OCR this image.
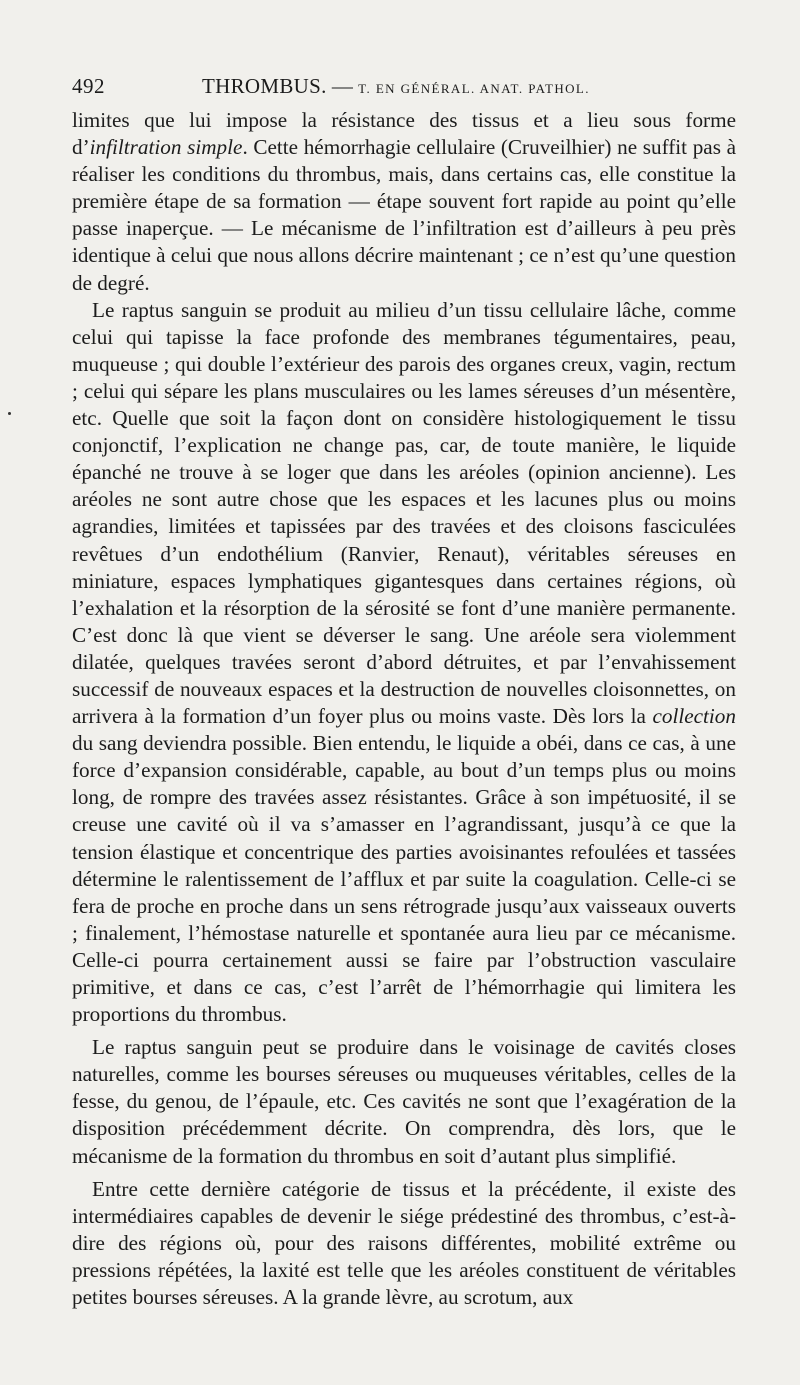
492	THROMBUS. — T. EN GÉNÉRAL. ANAT. PATHOL.

limites que lui impose la résistance des tissus et a lieu sous forme d’infiltration simple. Cette hémorrhagie cellulaire (Cruveilhier) ne suffit pas à réaliser les conditions du thrombus, mais, dans certains cas, elle constitue la première étape de sa formation — étape souvent fort rapide au point qu’elle passe inaperçue. — Le mécanisme de l’infiltration est d’ailleurs à peu près identique à celui que nous allons décrire maintenant ; ce n’est qu’une question de degré.

Le raptus sanguin se produit au milieu d’un tissu cellulaire lâche, comme celui qui tapisse la face profonde des membranes tégumentaires, peau, muqueuse ; qui double l’extérieur des parois des organes creux, vagin, rectum ; celui qui sépare les plans musculaires ou les lames séreuses d’un mésentère, etc. Quelle que soit la façon dont on considère histologiquement le tissu conjonctif, l’explication ne change pas, car, de toute manière, le liquide épanché ne trouve à se loger que dans les aréoles (opinion ancienne). Les aréoles ne sont autre chose que les espaces et les lacunes plus ou moins agrandies, limitées et tapissées par des travées et des cloisons fasciculées revêtues d’un endothélium (Ranvier, Renaut), véritables séreuses en miniature, espaces lymphatiques gigantesques dans certaines régions, où l’exhalation et la résorption de la sérosité se font d’une manière permanente. C’est donc là que vient se déverser le sang. Une aréole sera violemment dilatée, quelques travées seront d’abord détruites, et par l’envahissement successif de nouveaux espaces et la destruction de nouvelles cloisonnettes, on arrivera à la formation d’un foyer plus ou moins vaste. Dès lors la collection du sang deviendra possible. Bien entendu, le liquide a obéi, dans ce cas, à une force d’expansion considérable, capable, au bout d’un temps plus ou moins long, de rompre des travées assez résistantes. Grâce à son impétuosité, il se creuse une cavité où il va s’amasser en l’agrandissant, jusqu’à ce que la tension élastique et concentrique des parties avoisinantes refoulées et tassées détermine le ralentissement de l’afflux et par suite la coagulation. Celle-ci se fera de proche en proche dans un sens rétrograde jusqu’aux vaisseaux ouverts ; finalement, l’hémostase naturelle et spontanée aura lieu par ce mécanisme. Celle-ci pourra certainement aussi se faire par l’obstruction vasculaire primitive, et dans ce cas, c’est l’arrêt de l’hémorrhagie qui limitera les proportions du thrombus.

Le raptus sanguin peut se produire dans le voisinage de cavités closes naturelles, comme les bourses séreuses ou muqueuses véritables, celles de la fesse, du genou, de l’épaule, etc. Ces cavités ne sont que l’exagération de la disposition précédemment décrite. On comprendra, dès lors, que le mécanisme de la formation du thrombus en soit d’autant plus simplifié.

Entre cette dernière catégorie de tissus et la précédente, il existe des intermédiaires capables de devenir le siége prédestiné des thrombus, c’est-à-dire des régions où, pour des raisons différentes, mobilité extrême ou pressions répétées, la laxité est telle que les aréoles constituent de véritables petites bourses séreuses. A la grande lèvre, au scrotum, aux
